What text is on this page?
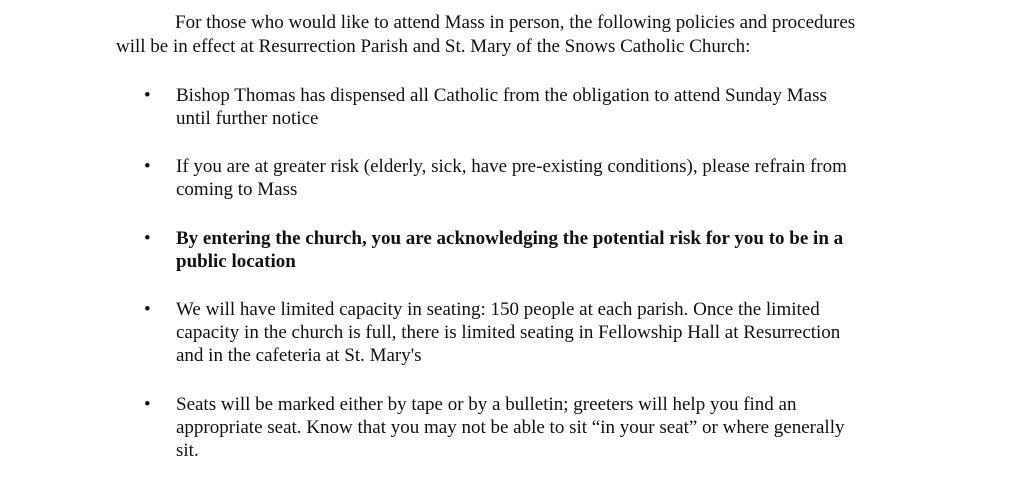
For those who would like to attend Mass in person, the following policies and procedures
will be in effect at Resurrection Parish and St. Mary of the Snows Catholic Church:

• Bishop Thomas has dispensed all Catholic from the obligation to attend Sunday Mass
until further notice
• If you are at greater risk (elderly, sick, have pre-existing conditions), please refrain from
coming to Mass
• By entering the church, you are acknowledging the potential risk for you to be in a
public location
• We will have limited capacity in seating: 150 people at each parish. Once the limited
capacity in the church is full, there is limited seating in Fellowship Hall at Resurrection
and in the cafeteria at St. Mary's
• Seats will be marked either by tape or by a bulletin; greeters will help you find an
appropriate seat. Know that you may not be able to sit “in your seat” or where generally
sit.
